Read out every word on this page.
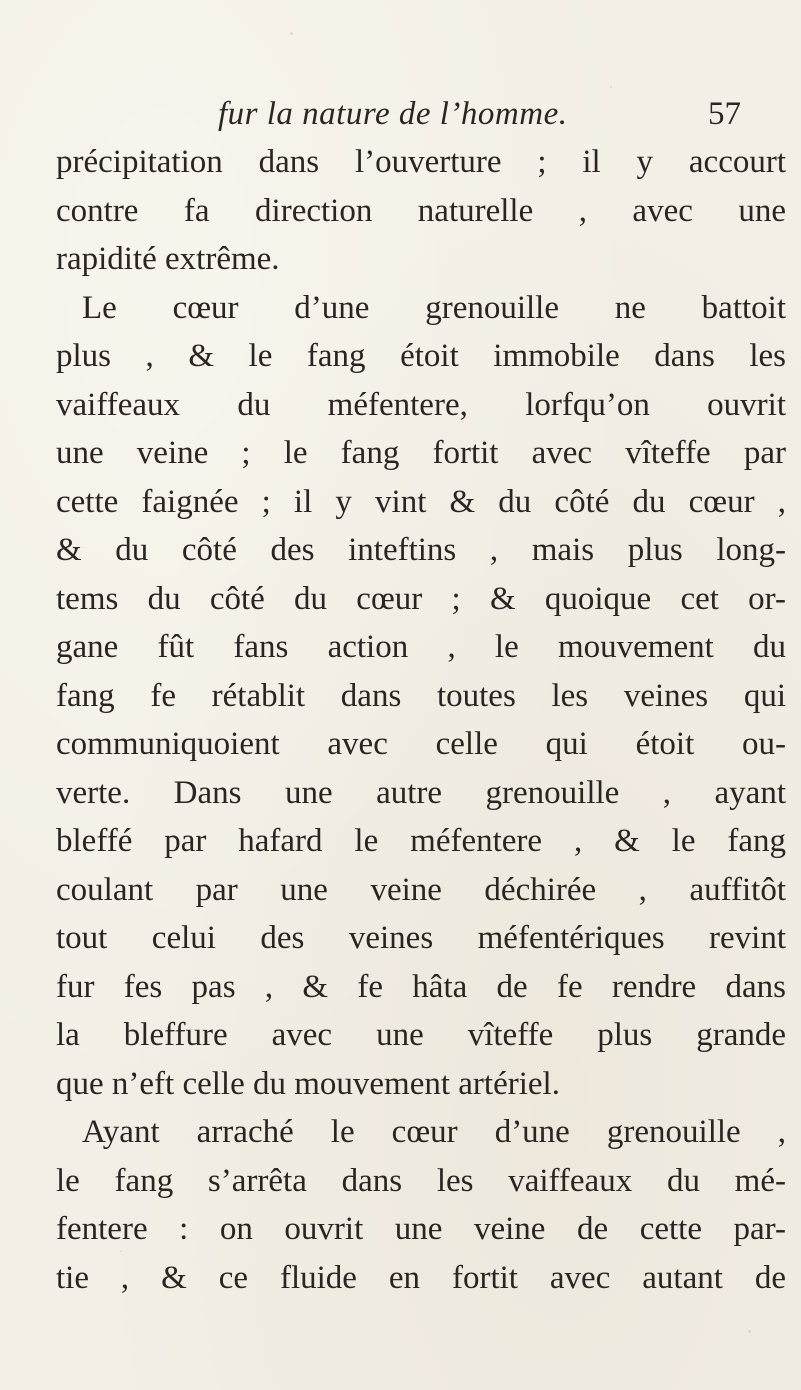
fur la nature de l’homme.	57
précipitation dans l’ouverture ; il y accourt
contre fa direction naturelle , avec une
rapidité extrême.
Le cœur d’une grenouille ne battoit
plus , & le fang étoit immobile dans les
vaiffeaux du méfentere, lorfqu’on ouvrit
une veine ; le fang fortit avec vîteffe par
cette faignée ; il y vint & du côté du cœur ,
& du côté des inteftins , mais plus long-
tems du côté du cœur ; & quoique cet or-
gane fût fans action , le mouvement du
fang fe rétablit dans toutes les veines qui
communiquoient avec celle qui étoit ou-
verte. Dans une autre grenouille , ayant
bleffé par hafard le méfentere , & le fang
coulant par une veine déchirée , auffitôt
tout celui des veines méfentériques revint
fur fes pas , & fe hâta de fe rendre dans
la bleffure avec une vîteffe plus grande
que n’eft celle du mouvement artériel.
Ayant arraché le cœur d’une grenouille ,
le fang s’arrêta dans les vaiffeaux du mé-
fentere : on ouvrit une veine de cette par-
tie , & ce fluide en fortit avec autant de
